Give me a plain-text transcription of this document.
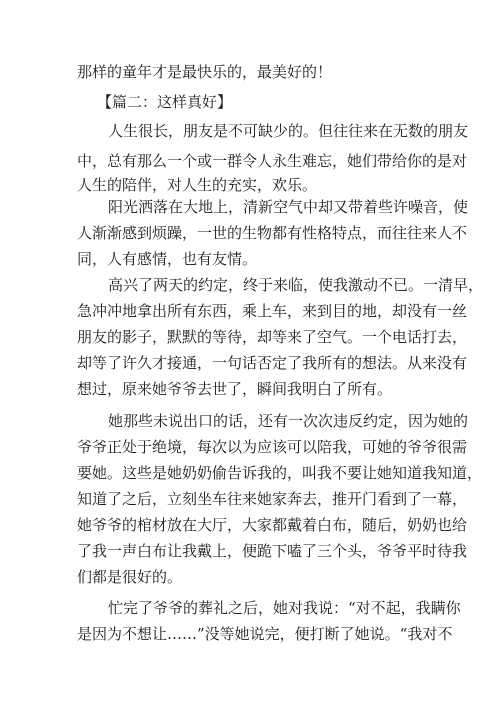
那样的童年才是最快乐的，最美好的！
【篇二：这样真好】
人生很长，朋友是不可缺少的。但往往来在无数的朋友
中，总有那么一个或一群令人永生难忘，她们带给你的是对
人生的陪伴，对人生的充实，欢乐。
阳光洒落在大地上，清新空气中却又带着些许噪音，使
人渐渐感到烦躁，一世的生物都有性格特点，而往往来人不
同，人有感情，也有友情。
高兴了两天的约定，终于来临，使我激动不已。一清早，
急冲冲地拿出所有东西，乘上车，来到目的地，却没有一丝
朋友的影子，默默的等待，却等来了空气。一个电话打去，
却等了许久才接通，一句话否定了我所有的想法。从来没有
想过，原来她爷爷去世了，瞬间我明白了所有。
她那些未说出口的话，还有一次次违反约定，因为她的
爷爷正处于绝境，每次以为应该可以陪我，可她的爷爷很需
要她。这些是她奶奶偷告诉我的，叫我不要让她知道我知道，
知道了之后，立刻坐车往来她家奔去，推开门看到了一幕，
她爷爷的棺材放在大厅，大家都戴着白布，随后，奶奶也给
了我一声白布让我戴上，便跪下嗑了三个头，爷爷平时待我
们都是很好的。
忙完了爷爷的葬礼之后，她对我说：“对不起，我瞒你
是因为不想让……”没等她说完，便打断了她说。“我对不
